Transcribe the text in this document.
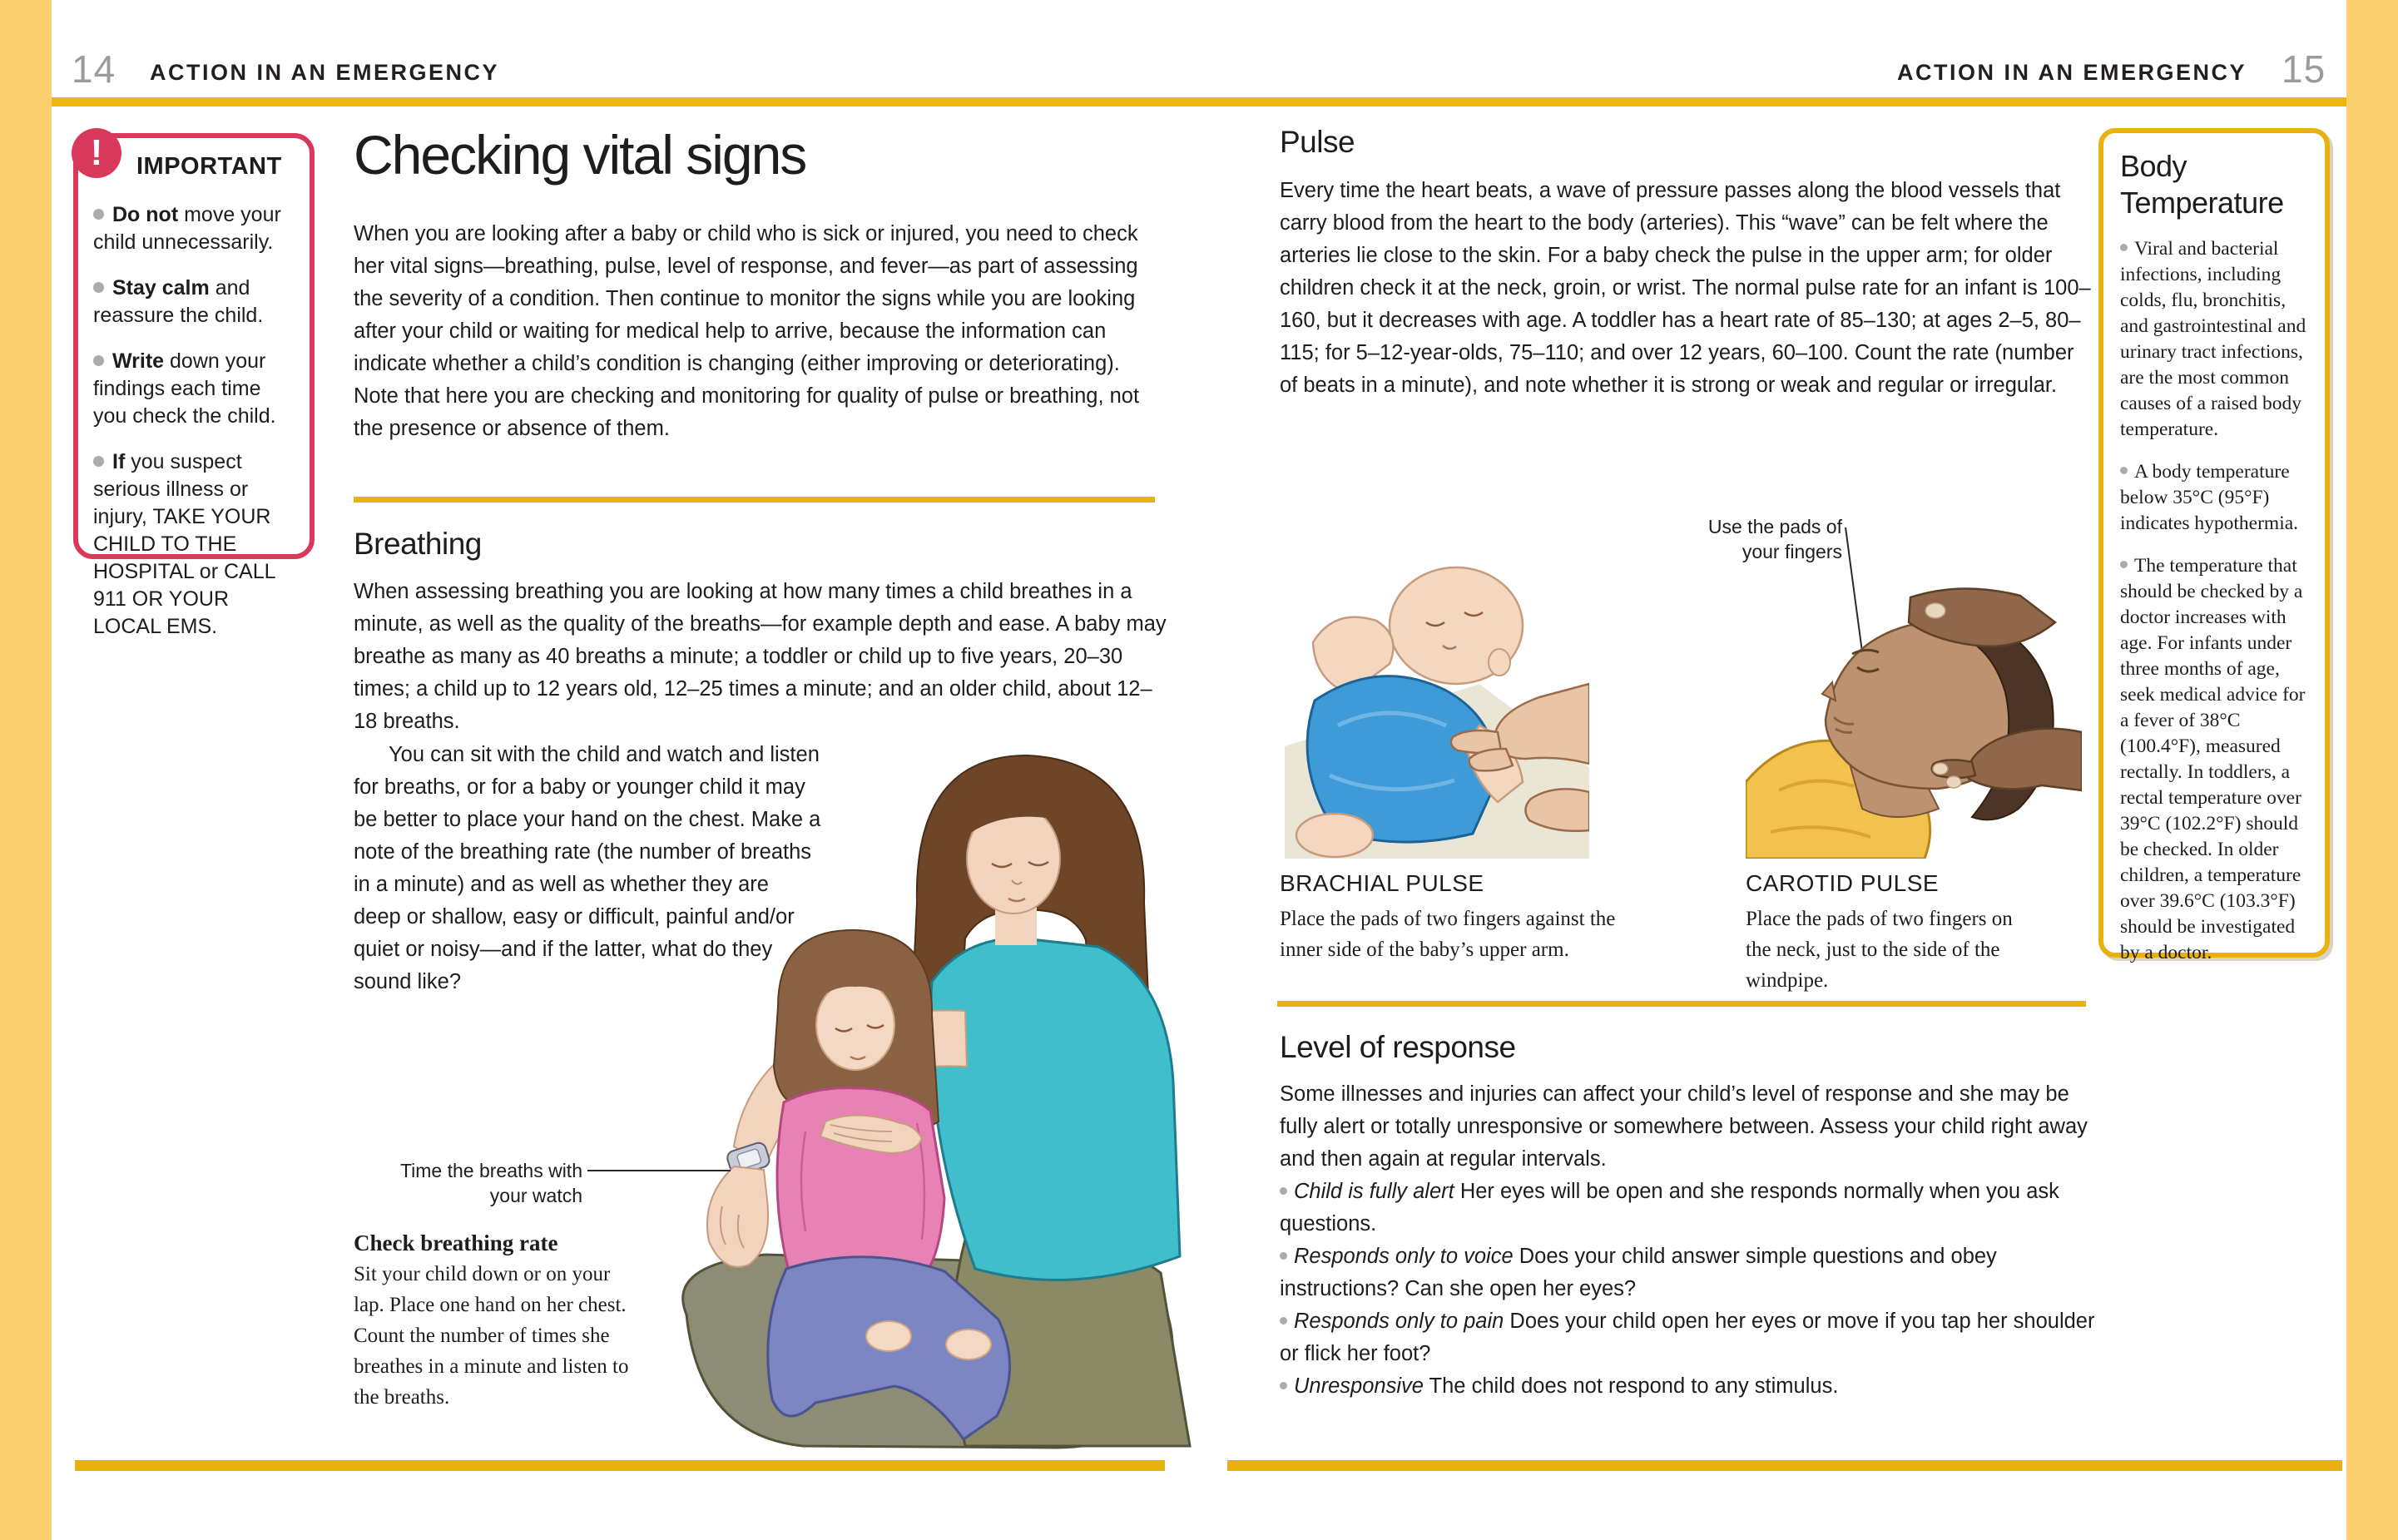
14 ACTION IN AN EMERGENCY	ACTION IN AN EMERGENCY 15
!
IMPORTANT

Do not move your child unnecessarily.

Stay calm and reassure the child.

Write down your findings each time you check the child.

If you suspect serious illness or injury, TAKE YOUR CHILD TO THE HOSPITAL or CALL 911 OR YOUR LOCAL EMS.

Checking vital signs
When you are looking after a baby or child who is sick or injured, you need to check her vital signs—breathing, pulse, level of response, and fever—as part of assessing the severity of a condition. Then continue to monitor the signs while you are looking after your child or waiting for medical help to arrive, because the information can indicate whether a child’s condition is changing (either improving or deteriorating). Note that here you are checking and monitoring for quality of pulse or breathing, not the presence or absence of them.
Breathing
When assessing breathing you are looking at how many times a child breathes in a minute, as well as the quality of the breaths—for example depth and ease. A baby may breathe as many as 40 breaths a minute; a toddler or child up to five years, 20–30 times; a child up to 12 years old, 12–25 times a minute; and an older child, about 12–18 breaths.
You can sit with the child and watch and listen for breaths, or for a baby or younger child it may be better to place your hand on the chest. Make a note of the breathing rate (the number of breaths in a minute) and as well as whether they are deep or shallow, easy or difficult, painful and/or quiet or noisy—and if the latter, what do they sound like?
Time the breaths with your watch
Check breathing rate
Sit your child down or on your lap. Place one hand on her chest. Count the number of times she breathes in a minute and listen to the breaths.
Pulse
Every time the heart beats, a wave of pressure passes along the blood vessels that carry blood from the heart to the body (arteries). This “wave” can be felt where the arteries lie close to the skin. For a baby check the pulse in the upper arm; for older children check it at the neck, groin, or wrist. The normal pulse rate for an infant is 100–160, but it decreases with age. A toddler has a heart rate of 85–130; at ages 2–5, 80–115; for 5–12-year-olds, 75–110; and over 12 years, 60–100. Count the rate (number of beats in a minute), and note whether it is strong or weak and regular or irregular.
Use the pads of your fingers
BRACHIAL PULSE
Place the pads of two fingers against the inner side of the baby’s upper arm.
CAROTID PULSE
Place the pads of two fingers on the neck, just to the side of the windpipe.
Level of response

Some illnesses and injuries can affect your child’s level of response and she may be fully alert or totally unresponsive or somewhere between. Assess your child right away and then again at regular intervals.

Child is fully alert Her eyes will be open and she responds normally when you ask questions.

Responds only to voice Does your child answer simple questions and obey instructions? Can she open her eyes?

Responds only to pain Does your child open her eyes or move if you tap her shoulder or flick her foot?

Unresponsive The child does not respond to any stimulus.

Body Temperature

Viral and bacterial infections, including colds, flu, bronchitis, and gastrointestinal and urinary tract infections, are the most common causes of a raised body temperature.

A body temperature below 35°C (95°F) indicates hypothermia.

The temperature that should be checked by a doctor increases with age. For infants under three months of age, seek medical advice for a fever of 38°C (100.4°F), measured rectally. In toddlers, a rectal temperature over 39°C (102.2°F) should be checked. In older children, a temperature over 39.6°C (103.3°F) should be investigated by a doctor.
